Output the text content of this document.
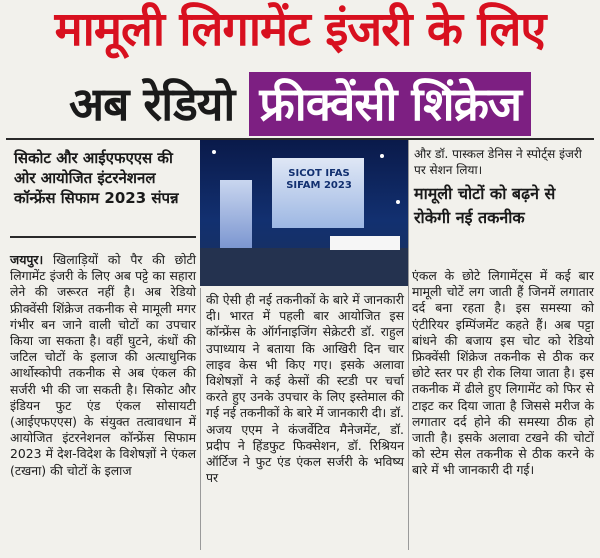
मामूली लिगामेंट इंजरी के लिए
अब रेडियो फ्रीक्वेंसी शिंक्रेज
सिकोट और आईएफएएस की ओर आयोजित इंटरनेशनल कॉन्फ्रेंस सिफाम 2023 संपन्न
SICOT IFAS SIFAM 2023
और डॉ. पास्कल डेनिस ने स्पोर्ट्स इंजरी पर सेशन लिया।
मामूली चोटों को बढ़ने से रोकेगी नई तकनीक
जयपुर। खिलाड़ियों को पैर की छोटी लिगामेंट इंजरी के लिए अब पट्टे का सहारा लेने की जरूरत नहीं है। अब रेडियो फ्रीक्वेंसी शिंक्रेज तकनीक से मामूली मगर गंभीर बन जाने वाली चोटों का उपचार किया जा सकता है। वहीं घुटने, कंधों की जटिल चोटों के इलाज की अत्याधुनिक आर्थोस्कोपी तकनीक से अब एंकल की सर्जरी भी की जा सकती है। सिकोट और इंडियन फुट एंड एंकल सोसायटी (आईएफएएस) के संयुक्त तत्वावधान में आयोजित इंटरनेशनल कॉन्फ्रेंस सिफाम 2023 में देश-विदेश के विशेषज्ञों ने एंकल (टखना) की चोटों के इलाज
की ऐसी ही नई तकनीकों के बारे में जानकारी दी। भारत में पहली बार आयोजित इस कॉन्फ्रेंस के ऑर्गनाइजिंग सेक्रेटरी डॉ. राहुल उपाध्याय ने बताया कि आखिरी दिन चार लाइव केस भी किए गए। इसके अलावा विशेषज्ञों ने कई केसों की स्टडी पर चर्चा करते हुए उनके उपचार के लिए इस्तेमाल की गई नई तकनीकों के बारे में जानकारी दी। डॉ. अजय एएम ने कंजर्वेटिव मैनेजमेंट, डॉ. प्रदीप ने हिंडफुट फिक्सेशन, डॉ. रिश्रियन ऑर्टिज ने फुट एंड एंकल सर्जरी के भविष्य पर
एंकल के छोटे लिगामेंट्स में कई बार मामूली चोटें लग जाती हैं जिनमें लगातार दर्द बना रहता है। इस समस्या को एंटीरियर इम्पिंजमेंट कहते हैं। अब पट्टा बांधने की बजाय इस चोट को रेडियो फ्रिक्वेंसी शिंक्रेज तकनीक से ठीक कर छोटे स्तर पर ही रोक लिया जाता है। इस तकनीक में ढीले हुए लिगामेंट को फिर से टाइट कर दिया जाता है जिससे मरीज के लगातार दर्द होने की समस्या ठीक हो जाती है। इसके अलावा टखने की चोटों को स्टेम सेल तकनीक से ठीक करने के बारे में भी जानकारी दी गई।
